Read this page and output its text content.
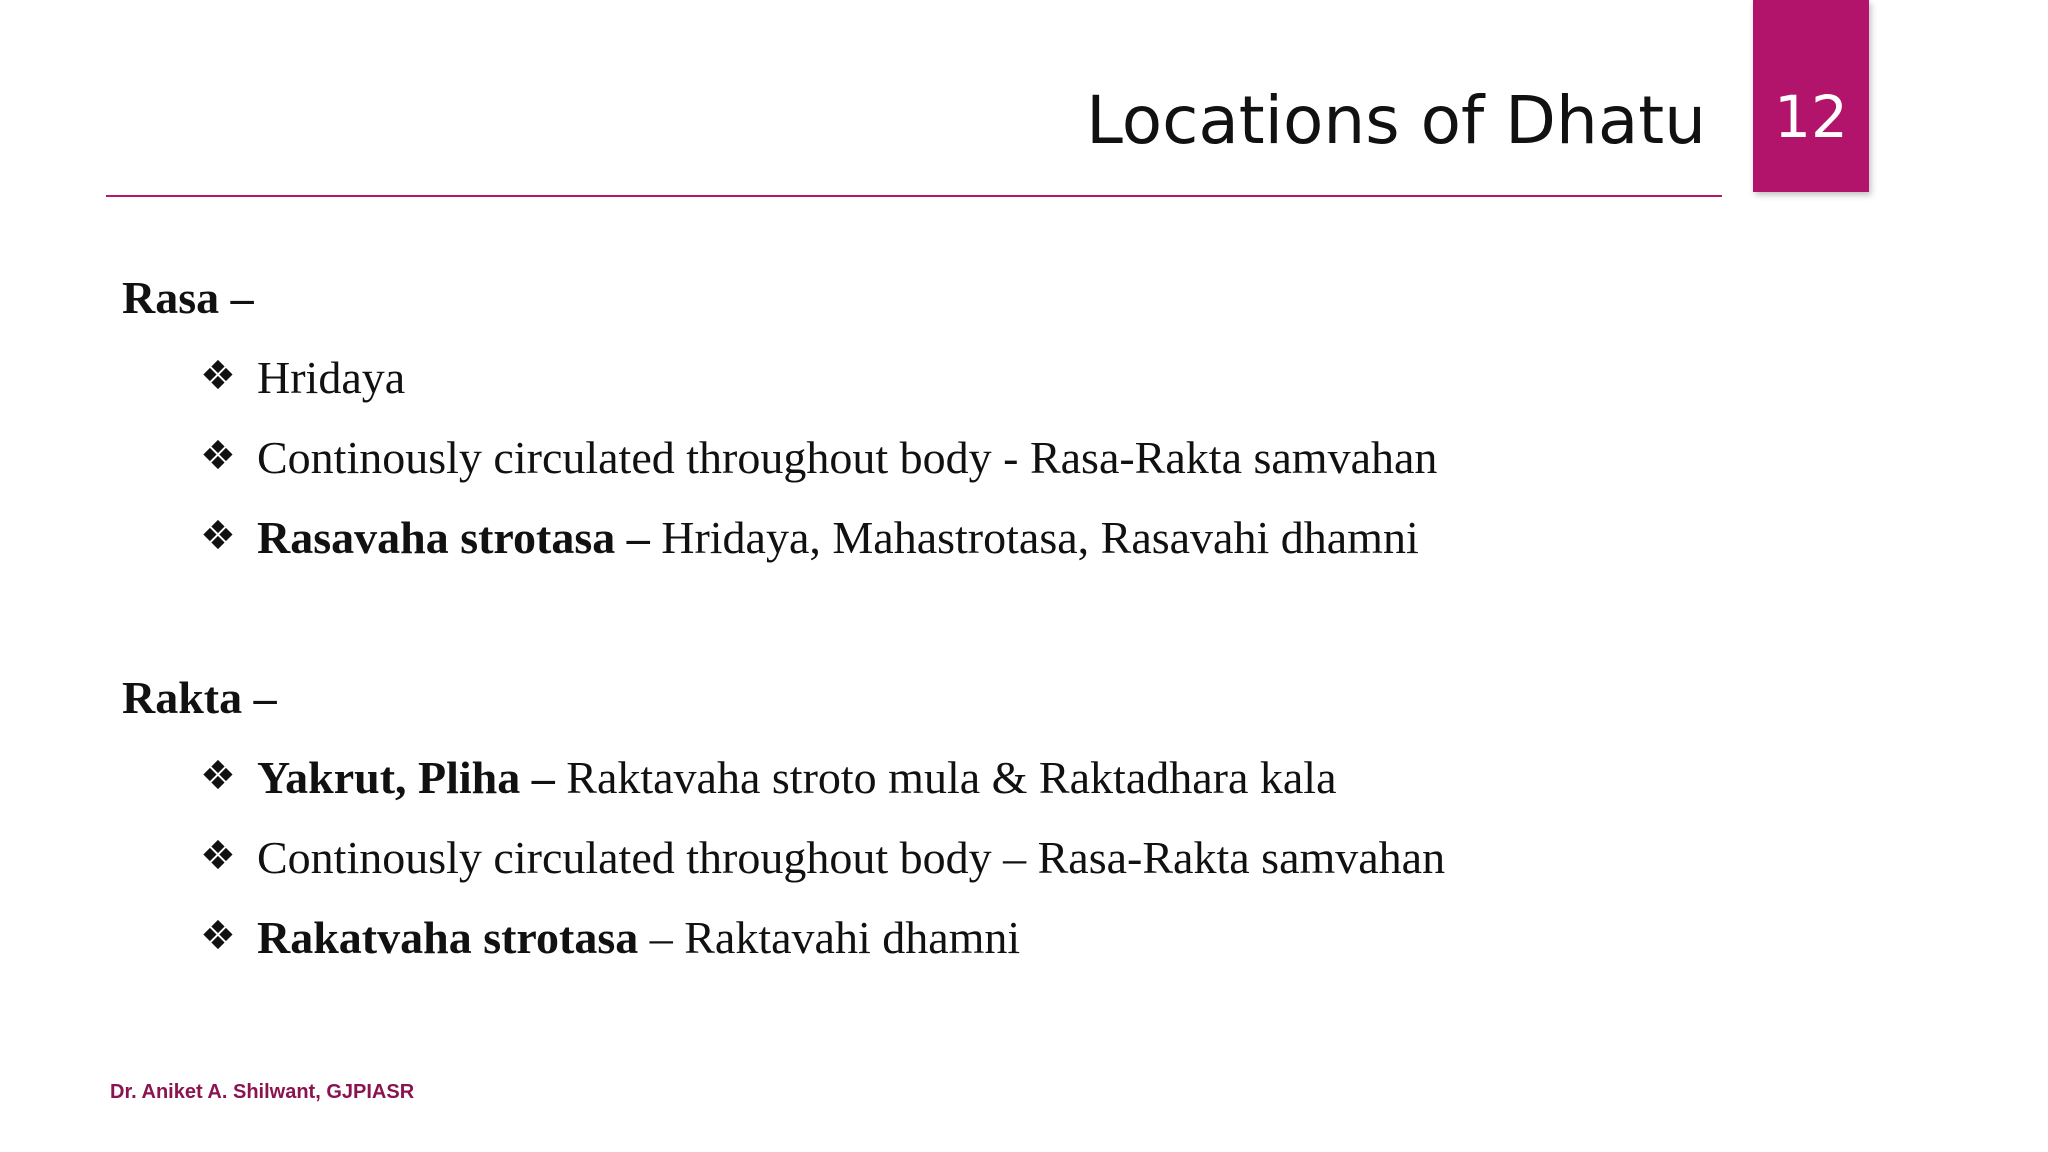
Locations of Dhatu	12
Rasa –
❖ Hridaya
❖ Continously circulated throughout body - Rasa-Rakta samvahan
❖ Rasavaha strotasa – Hridaya, Mahastrotasa, Rasavahi dhamni
Rakta –
❖ Yakrut, Pliha – Raktavaha stroto mula & Raktadhara kala
❖ Continously circulated throughout body – Rasa-Rakta samvahan
❖ Rakatvaha strotasa – Raktavahi dhamni
Dr. Aniket A. Shilwant, GJPIASR
